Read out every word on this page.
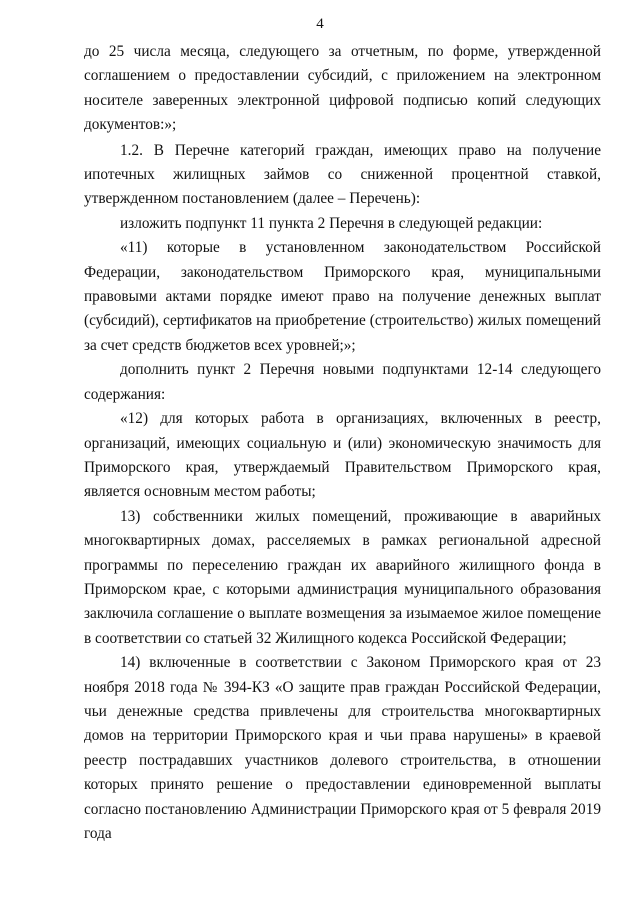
4

до 25 числа месяца, следующего за отчетным, по форме, утвержденной соглашением о предоставлении субсидий, с приложением на электронном носителе заверенных электронной цифровой подписью копий следующих документов:»;

1.2. В Перечне категорий граждан, имеющих право на получение ипотечных жилищных займов со сниженной процентной ставкой, утвержденном постановлением (далее – Перечень):

изложить подпункт 11 пункта 2 Перечня в следующей редакции:

«11) которые в установленном законодательством Российской Федерации, законодательством Приморского края, муниципальными правовыми актами порядке имеют право на получение денежных выплат (субсидий), сертификатов на приобретение (строительство) жилых помещений за счет средств бюджетов всех уровней;»;

дополнить пункт 2 Перечня новыми подпунктами 12-14 следующего содержания:

«12) для которых работа в организациях, включенных в реестр, организаций, имеющих социальную и (или) экономическую значимость для Приморского края, утверждаемый Правительством Приморского края, является основным местом работы;

13) собственники жилых помещений, проживающие в аварийных многоквартирных домах, расселяемых в рамках региональной адресной программы по переселению граждан их аварийного жилищного фонда в Приморском крае, с которыми администрация муниципального образования заключила соглашение о выплате возмещения за изымаемое жилое помещение в соответствии со статьей 32 Жилищного кодекса Российской Федерации;

14) включенные в соответствии с Законом Приморского края от 23 ноября 2018 года № 394-КЗ «О защите прав граждан Российской Федерации, чьи денежные средства привлечены для строительства многоквартирных домов на территории Приморского края и чьи права нарушены» в краевой реестр пострадавших участников долевого строительства, в отношении которых принято решение о предоставлении единовременной выплаты согласно постановлению Администрации Приморского края от 5 февраля 2019 года
